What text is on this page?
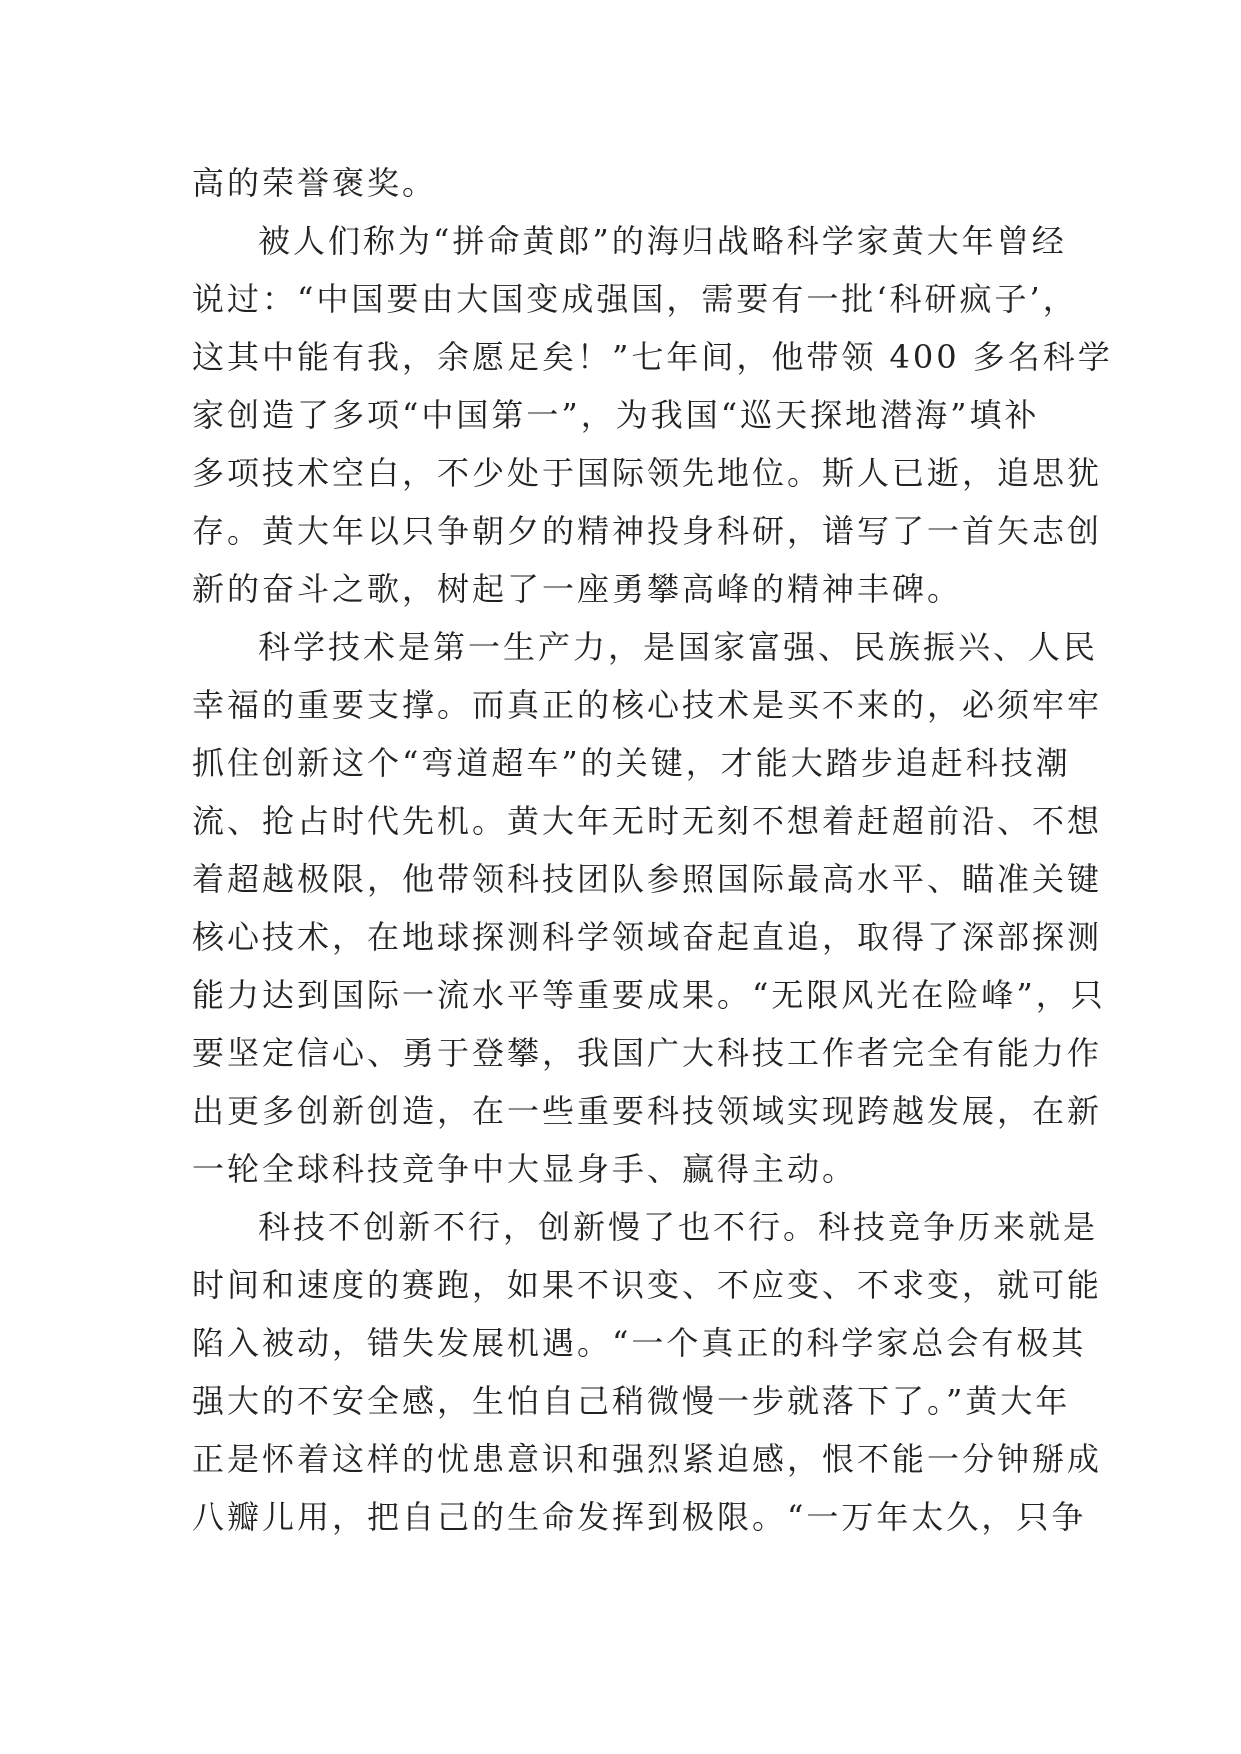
高的荣誉褒奖。
被人们称为“拼命黄郎”的海归战略科学家黄大年曾经
说过：“中国要由大国变成强国，需要有一批‘科研疯子’，
这其中能有我，余愿足矣！”七年间，他带领 400 多名科学
家创造了多项“中国第一”，为我国“巡天探地潜海”填补
多项技术空白，不少处于国际领先地位。斯人已逝，追思犹
存。黄大年以只争朝夕的精神投身科研，谱写了一首矢志创
新的奋斗之歌，树起了一座勇攀高峰的精神丰碑。
科学技术是第一生产力，是国家富强、民族振兴、人民
幸福的重要支撑。而真正的核心技术是买不来的，必须牢牢
抓住创新这个“弯道超车”的关键，才能大踏步追赶科技潮
流、抢占时代先机。黄大年无时无刻不想着赶超前沿、不想
着超越极限，他带领科技团队参照国际最高水平、瞄准关键
核心技术，在地球探测科学领域奋起直追，取得了深部探测
能力达到国际一流水平等重要成果。“无限风光在险峰”，只
要坚定信心、勇于登攀，我国广大科技工作者完全有能力作
出更多创新创造，在一些重要科技领域实现跨越发展，在新
一轮全球科技竞争中大显身手、赢得主动。
科技不创新不行，创新慢了也不行。科技竞争历来就是
时间和速度的赛跑，如果不识变、不应变、不求变，就可能
陷入被动，错失发展机遇。“一个真正的科学家总会有极其
强大的不安全感，生怕自己稍微慢一步就落下了。”黄大年
正是怀着这样的忧患意识和强烈紧迫感，恨不能一分钟掰成
八瓣儿用，把自己的生命发挥到极限。“一万年太久，只争
